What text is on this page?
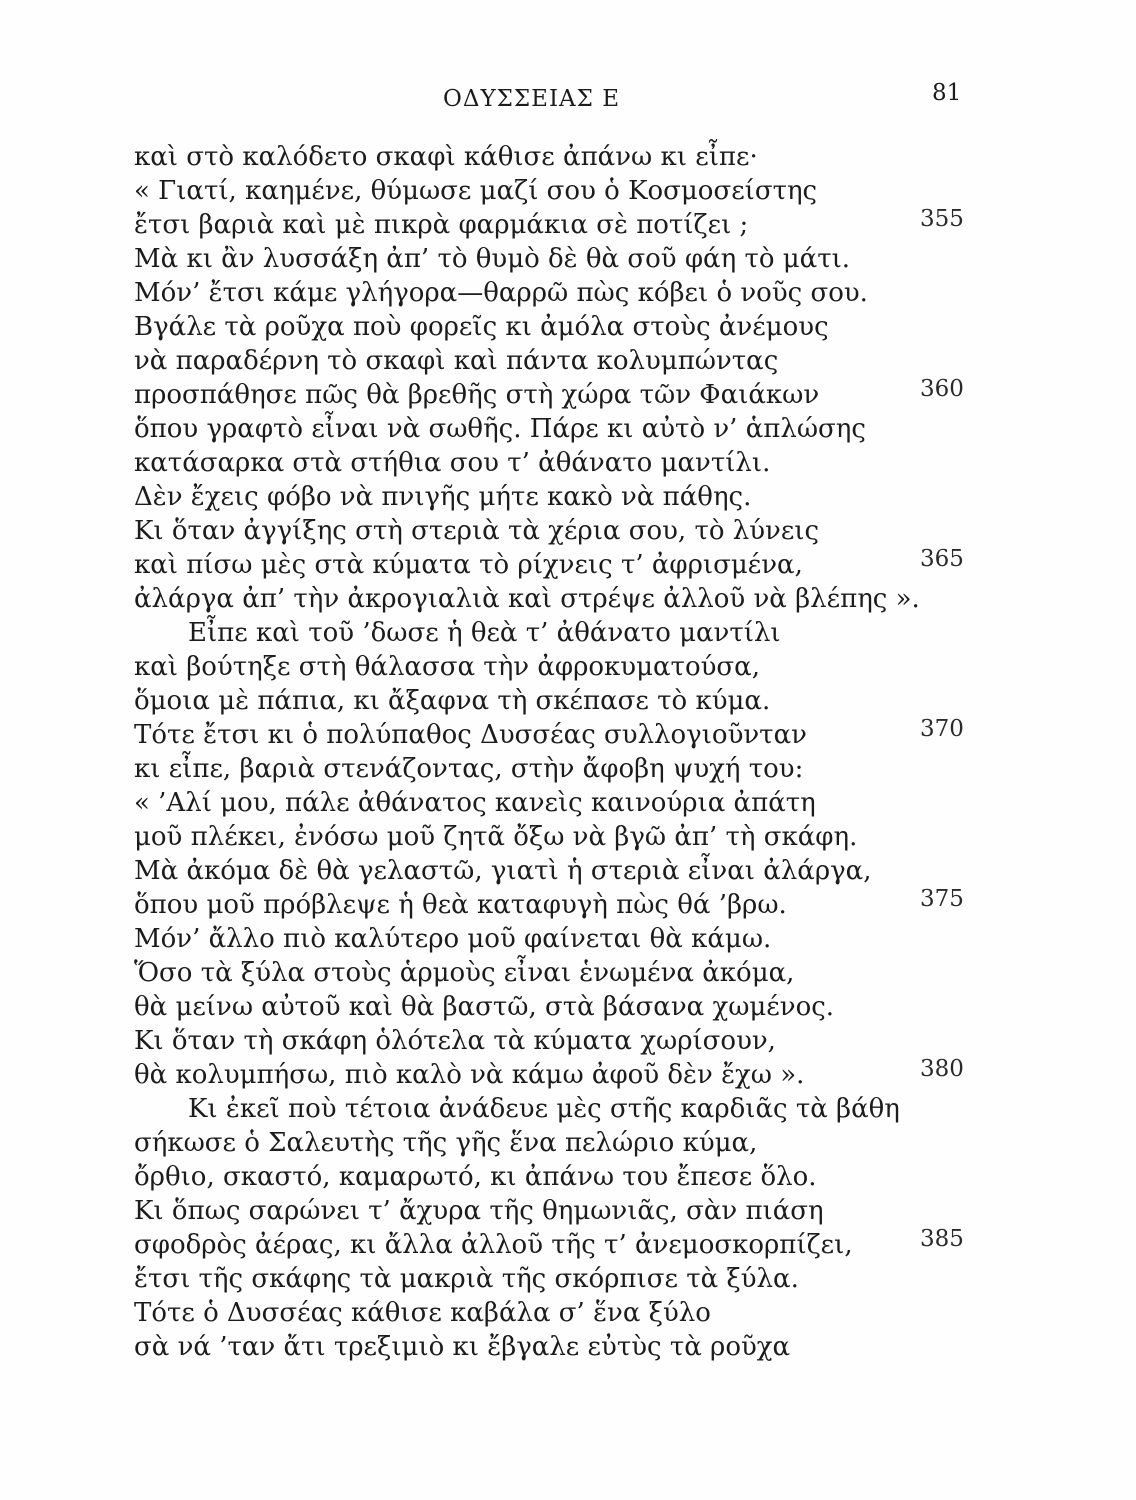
ΟΔΥΣΣΕΙΑΣ Ε	81
καὶ στὸ καλόδετο σκαφὶ κάθισε ἀπάνω κι εἶπε·
« Γιατί, καημένε, θύμωσε μαζί σου ὁ Κοσμοσείστης
ἔτσι βαριὰ καὶ μὲ πικρὰ φαρμάκια σὲ ποτίζει ;	355
Μὰ κι ἂν λυσσάξη ἀπ’ τὸ θυμὸ δὲ θὰ σοῦ φάη τὸ μάτι.
Μόν’ ἔτσι κάμε γλήγορα—θαρρῶ πὼς κόβει ὁ νοῦς σου.
Βγάλε τὰ ροῦχα ποὺ φορεῖς κι ἀμόλα στοὺς ἀνέμους
νὰ παραδέρνη τὸ σκαφὶ καὶ πάντα κολυμπώντας
προσπάθησε πῶς θὰ βρεθῆς στὴ χώρα τῶν Φαιάκων	360
ὅπου γραφτὸ εἶναι νὰ σωθῆς. Πάρε κι αὐτὸ ν’ ἁπλώσης
κατάσαρκα στὰ στήθια σου τ’ ἀθάνατο μαντίλι.
Δὲν ἔχεις φόβο νὰ πνιγῆς μήτε κακὸ νὰ πάθης.
Κι ὅταν ἀγγίξης στὴ στεριὰ τὰ χέρια σου, τὸ λύνεις
καὶ πίσω μὲς στὰ κύματα τὸ ρίχνεις τ’ ἀφρισμένα,	365
ἀλάργα ἀπ’ τὴν ἀκρογιαλιὰ καὶ στρέψε ἀλλοῦ νὰ βλέπης ».
Εἶπε καὶ τοῦ ’δωσε ἡ θεὰ τ’ ἀθάνατο μαντίλι
καὶ βούτηξε στὴ θάλασσα τὴν ἀφροκυματούσα,
ὅμοια μὲ πάπια, κι ἄξαφνα τὴ σκέπασε τὸ κύμα.
Τότε ἔτσι κι ὁ πολύπαθος Δυσσέας συλλογιοῦνταν	370
κι εἶπε, βαριὰ στενάζοντας, στὴν ἄφοβη ψυχή του:
« ’Αλί μου, πάλε ἀθάνατος κανεὶς καινούρια ἀπάτη
μοῦ πλέκει, ἐνόσω μοῦ ζητᾶ ὄξω νὰ βγῶ ἀπ’ τὴ σκάφη.
Μὰ ἀκόμα δὲ θὰ γελαστῶ, γιατὶ ἡ στεριὰ εἶναι ἀλάργα,
ὅπου μοῦ πρόβλεψε ἡ θεὰ καταφυγὴ πὼς θά ’βρω.	375
Μόν’ ἄλλο πιὸ καλύτερο μοῦ φαίνεται θὰ κάμω.
Ὅσο τὰ ξύλα στοὺς ἁρμοὺς εἶναι ἑνωμένα ἀκόμα,
θὰ μείνω αὐτοῦ καὶ θὰ βαστῶ, στὰ βάσανα χωμένος.
Κι ὅταν τὴ σκάφη ὁλότελα τὰ κύματα χωρίσουν,
θὰ κολυμπήσω, πιὸ καλὸ νὰ κάμω ἀφοῦ δὲν ἔχω ».	380
Κι ἐκεῖ ποὺ τέτοια ἀνάδευε μὲς στῆς καρδιᾶς τὰ βάθη
σήκωσε ὁ Σαλευτὴς τῆς γῆς ἕνα πελώριο κύμα,
ὄρθιο, σκαστό, καμαρωτό, κι ἀπάνω του ἔπεσε ὅλο.
Κι ὅπως σαρώνει τ’ ἄχυρα τῆς θημωνιᾶς, σὰν πιάση
σφοδρὸς ἀέρας, κι ἄλλα ἀλλοῦ τῆς τ’ ἀνεμοσκορπίζει,	385
ἔτσι τῆς σκάφης τὰ μακριὰ τῆς σκόρπισε τὰ ξύλα.
Τότε ὁ Δυσσέας κάθισε καβάλα σ’ ἕνα ξύλο
σὰ νά ’ταν ἄτι τρεξιμιὸ κι ἔβγαλε εὐτὺς τὰ ροῦχα
